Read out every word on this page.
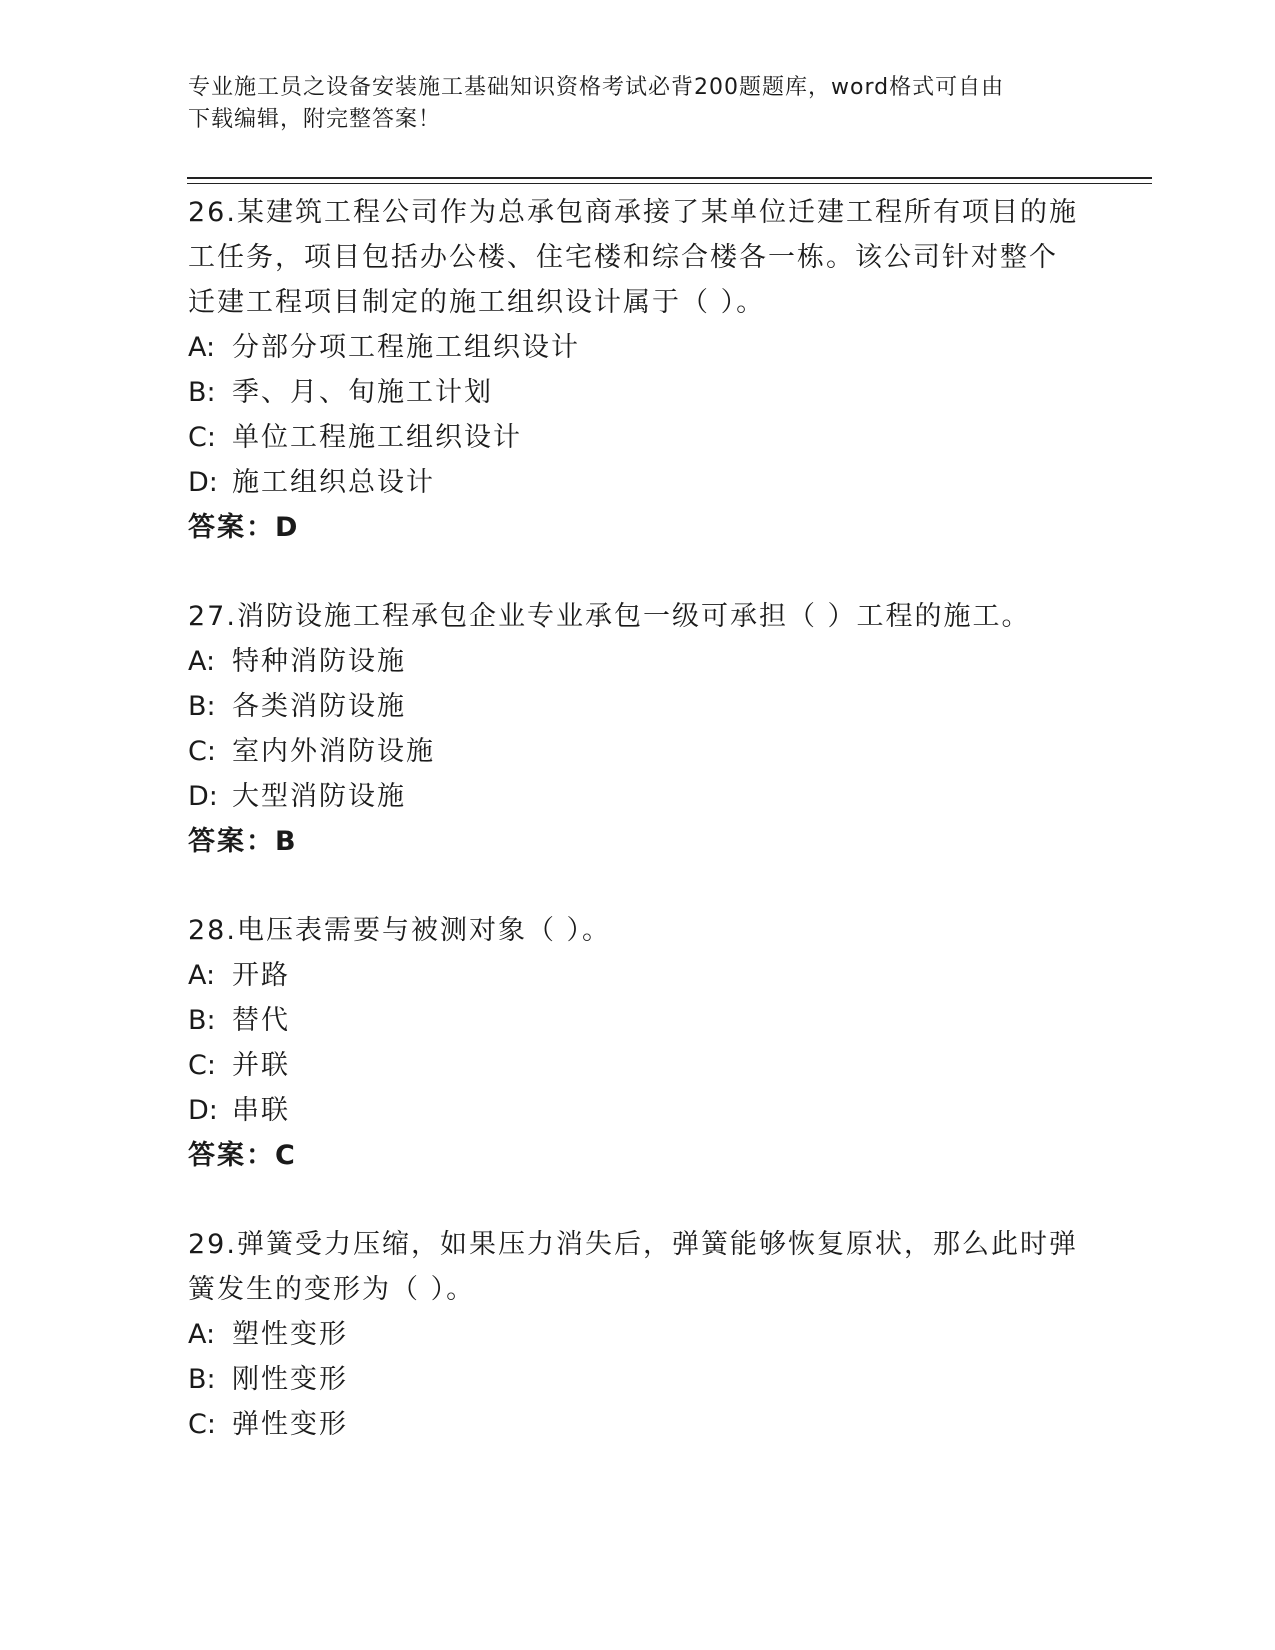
专业施工员之设备安装施工基础知识资格考试必背200题题库，word格式可自由
下载编辑，附完整答案！

26.某建筑工程公司作为总承包商承接了某单位迁建工程所有项目的施

工任务，项目包括办公楼、住宅楼和综合楼各一栋。该公司针对整个

迁建工程项目制定的施工组织设计属于（ ）。

A: 分部分项工程施工组织设计

B: 季、月、旬施工计划

C: 单位工程施工组织设计

D: 施工组织总设计

答案：D

27.消防设施工程承包企业专业承包一级可承担（ ）工程的施工。

A: 特种消防设施

B: 各类消防设施

C: 室内外消防设施

D: 大型消防设施

答案：B

28.电压表需要与被测对象（ ）。

A: 开路

B: 替代

C: 并联

D: 串联

答案：C

29.弹簧受力压缩，如果压力消失后，弹簧能够恢复原状，那么此时弹

簧发生的变形为（ ）。

A: 塑性变形

B: 刚性变形

C: 弹性变形
